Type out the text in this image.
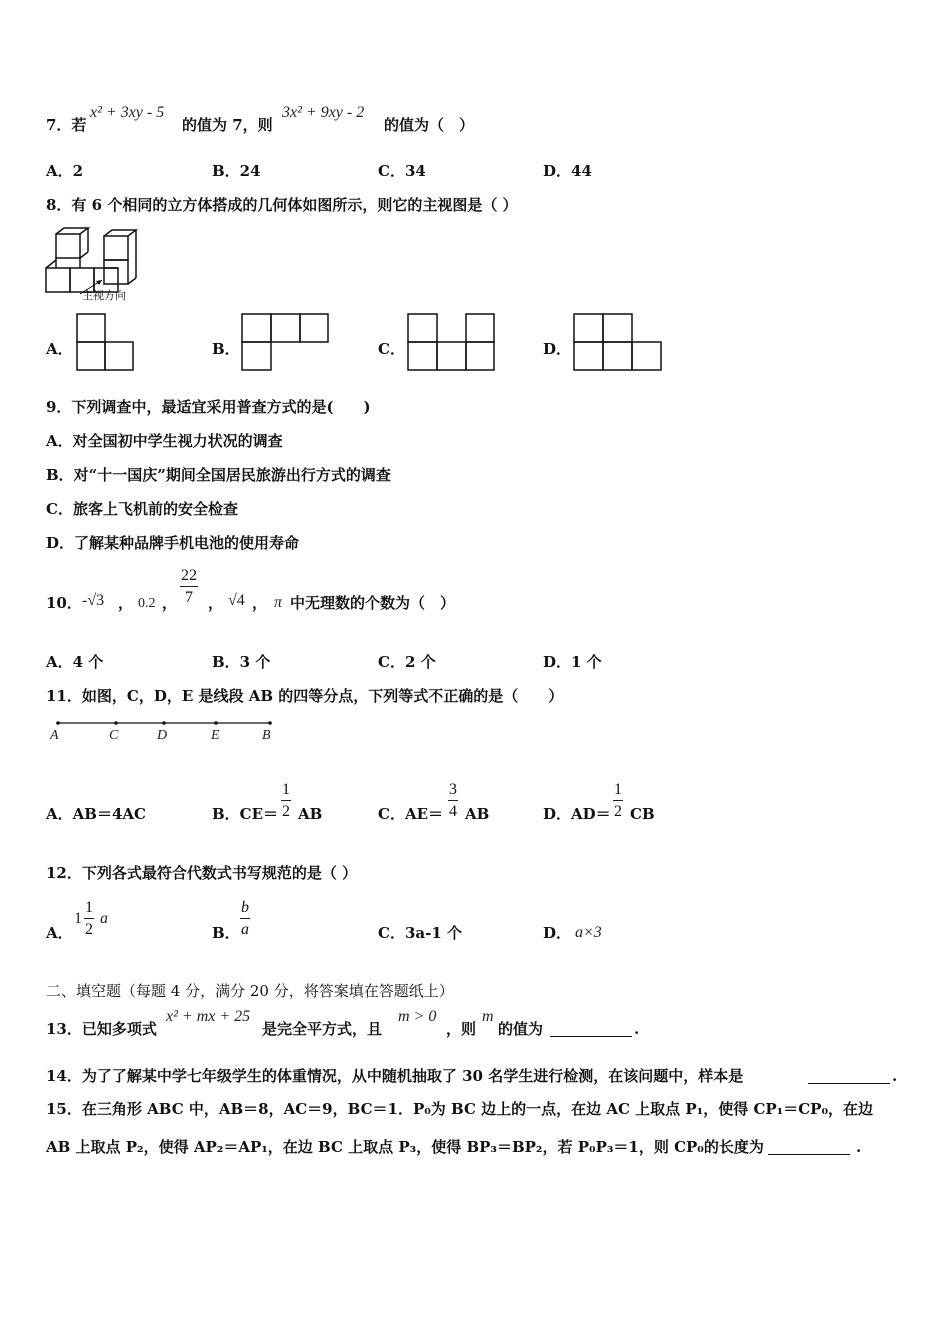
7．若
x² + 3xy - 5
的值为 7，则
3x² + 9xy - 2
的值为（　）
A．2	B．24	C．34	D．44
8．有 6 个相同的立方体搭成的几何体如图所示，则它的主视图是（ ）
主视方向
A．	B．	C．	D．
9．下列调查中，最适宜采用普查方式的是(　　)
A．对全国初中学生视力状况的调查
B．对“十一国庆”期间全国居民旅游出行方式的调查
C．旅客上飞机前的安全检查
D．了解某种品牌手机电池的使用寿命
10． -√3 ， 0.2 ， $\frac{22}{7}$ ， √4 ， π 中无理数的个数为（　）
A．4 个	B．3 个	C．2 个	D．1 个
11．如图，C，D，E 是线段 AB 的四等分点，下列等式不正确的是（　　）
A	C	D	E	B
A．AB＝4AC	B．$CE= \frac{1}{2}$ AB	C．$AE= \frac{3}{4}$ AB	D．$AD= \frac{1}{2}$ CB
12．下列各式最符合代数式书写规范的是（ ）
A．
$1 \frac{1}{2}$ a
B． $\frac{b}{a}$	C．3a-1 个	D． a×3
二、填空题（每题 4 分，满分 20 分，将答案填在答题纸上）
13．已知多项式
x² + mx + 25
是完全平方式，且
m > 0
，则
m
的值为	.
14．为了了解某中学七年级学生的体重情况，从中随机抽取了 30 名学生进行检测，在该问题中，样本是	.
15．在三角形 ABC 中，AB＝8，AC＝9，BC＝1．P₀为 BC 边上的一点，在边 AC 上取点 P₁，使得 CP₁＝CP₀，在边
AB 上取点 P₂，使得 AP₂＝AP₁，在边 BC 上取点 P₃，使得 BP₃＝BP₂，若 P₀P₃＝1，则 CP₀的长度为	.
